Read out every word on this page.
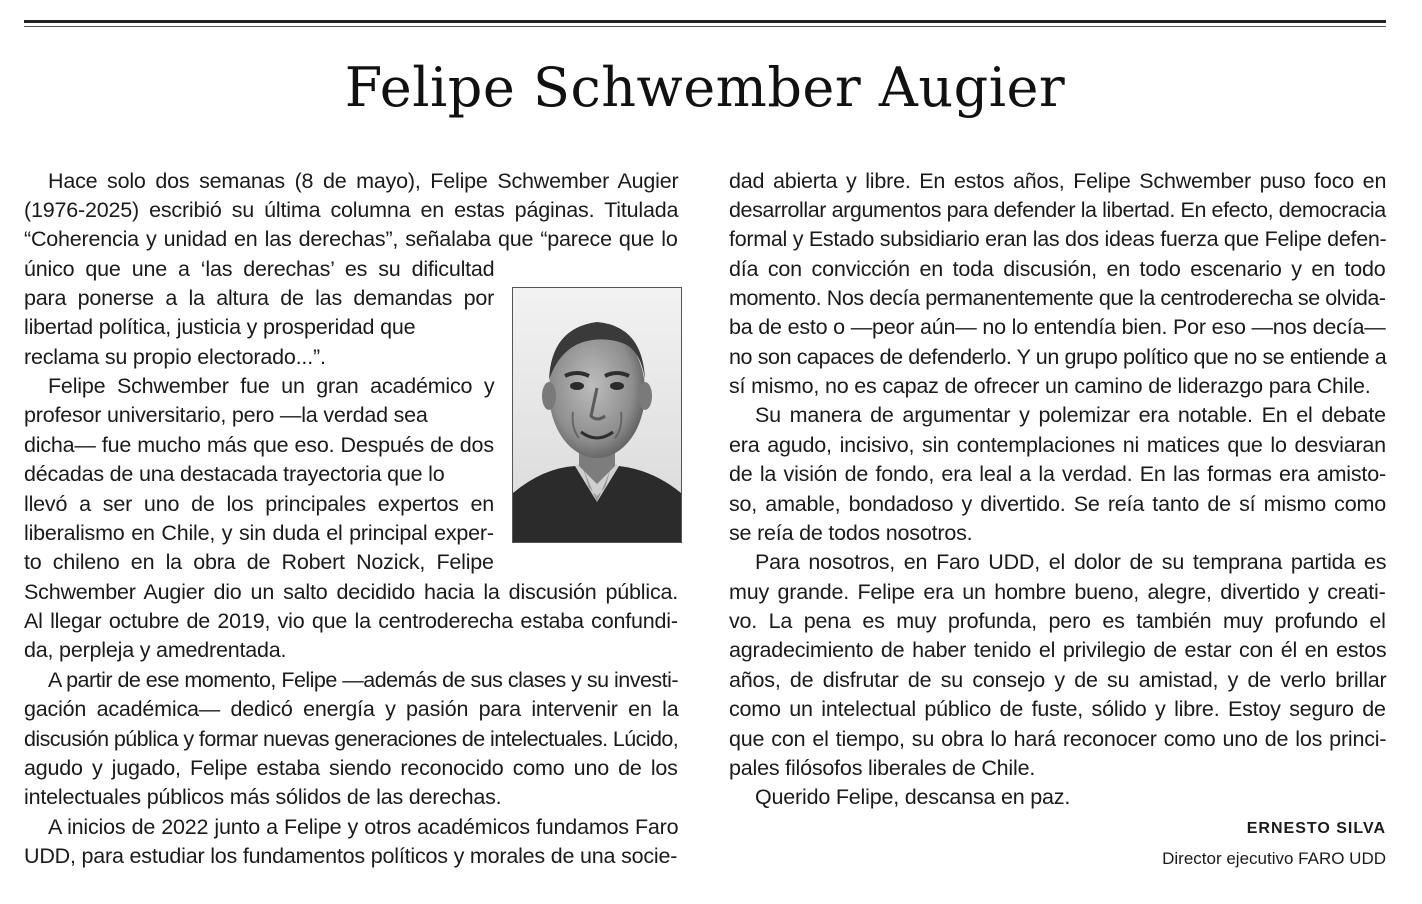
Felipe Schwember Augier
Hace solo dos semanas (8 de mayo), Felipe Schwember Augier
(1976-2025) escribió su última columna en estas páginas. Titulada
“Coherencia y unidad en las derechas”, señalaba que “parece que lo
único que une a ‘las derechas’ es su dificultad
para ponerse a la altura de las demandas por
libertad política, justicia y prosperidad que
reclama su propio electorado...”.
Felipe Schwember fue un gran académico y
profesor universitario, pero —la verdad sea
dicha— fue mucho más que eso. Después de dos
décadas de una destacada trayectoria que lo
llevó a ser uno de los principales expertos en
liberalismo en Chile, y sin duda el principal exper-
to chileno en la obra de Robert Nozick, Felipe
Schwember Augier dio un salto decidido hacia la discusión pública.
Al llegar octubre de 2019, vio que la centroderecha estaba confundi-
da, perpleja y amedrentada.
A partir de ese momento, Felipe —además de sus clases y su investi-
gación académica— dedicó energía y pasión para intervenir en la
discusión pública y formar nuevas generaciones de intelectuales. Lúcido,
agudo y jugado, Felipe estaba siendo reconocido como uno de los
intelectuales públicos más sólidos de las derechas.
A inicios de 2022 junto a Felipe y otros académicos fundamos Faro
UDD, para estudiar los fundamentos políticos y morales de una socie-
dad abierta y libre. En estos años, Felipe Schwember puso foco en
desarrollar argumentos para defender la libertad. En efecto, democracia
formal y Estado subsidiario eran las dos ideas fuerza que Felipe defen-
día con convicción en toda discusión, en todo escenario y en todo
momento. Nos decía permanentemente que la centroderecha se olvida-
ba de esto o —peor aún— no lo entendía bien. Por eso —nos decía—
no son capaces de defenderlo. Y un grupo político que no se entiende a
sí mismo, no es capaz de ofrecer un camino de liderazgo para Chile.
Su manera de argumentar y polemizar era notable. En el debate
era agudo, incisivo, sin contemplaciones ni matices que lo desviaran
de la visión de fondo, era leal a la verdad. En las formas era amisto-
so, amable, bondadoso y divertido. Se reía tanto de sí mismo como
se reía de todos nosotros.
Para nosotros, en Faro UDD, el dolor de su temprana partida es
muy grande. Felipe era un hombre bueno, alegre, divertido y creati-
vo. La pena es muy profunda, pero es también muy profundo el
agradecimiento de haber tenido el privilegio de estar con él en estos
años, de disfrutar de su consejo y de su amistad, y de verlo brillar
como un intelectual público de fuste, sólido y libre. Estoy seguro de
que con el tiempo, su obra lo hará reconocer como uno de los princi-
pales filósofos liberales de Chile.
Querido Felipe, descansa en paz.
ERNESTO SILVA
Director ejecutivo FARO UDD
